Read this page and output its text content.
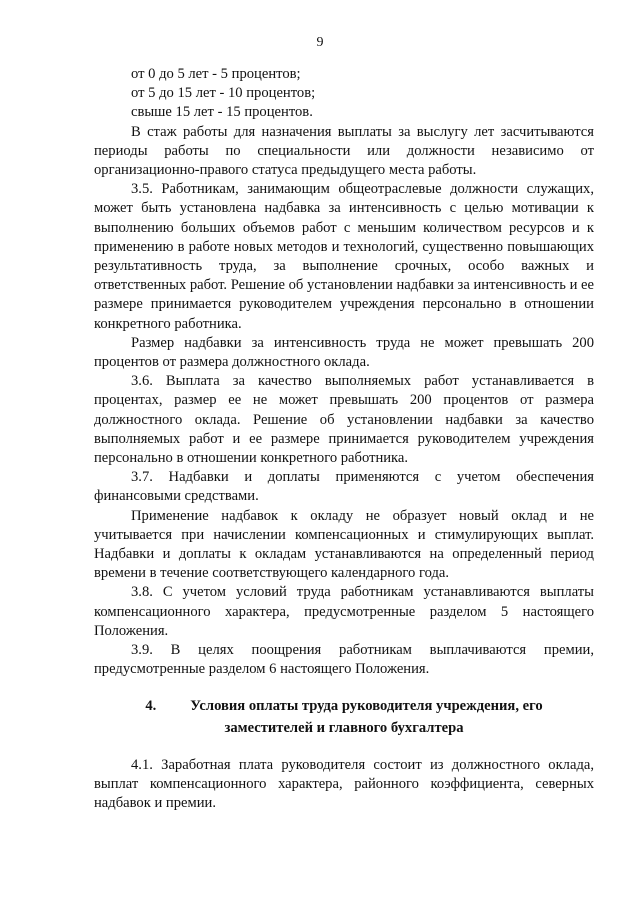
9
от 0 до 5 лет - 5 процентов;
от 5 до 15 лет - 10 процентов;
свыше 15 лет - 15 процентов.

В стаж работы для назначения выплаты за выслугу лет засчитываются периоды работы по специальности или должности независимо от организационно-правого статуса предыдущего места работы.

3.5. Работникам, занимающим общеотраслевые должности служащих, может быть установлена надбавка за интенсивность с целью мотивации к выполнению больших объемов работ с меньшим количеством ресурсов и к применению в работе новых методов и технологий, существенно повышающих результативность труда, за выполнение срочных, особо важных и ответственных работ. Решение об установлении надбавки за интенсивность и ее размере принимается руководителем учреждения персонально в отношении конкретного работника.

Размер надбавки за интенсивность труда не может превышать 200 процентов от размера должностного оклада.

3.6. Выплата за качество выполняемых работ устанавливается в процентах, размер ее не может превышать 200 процентов от размера должностного оклада. Решение об установлении надбавки за качество выполняемых работ и ее размере принимается руководителем учреждения персонально в отношении конкретного работника.

3.7. Надбавки и доплаты применяются с учетом обеспечения финансовыми средствами.

Применение надбавок к окладу не образует новый оклад и не учитывается при начислении компенсационных и стимулирующих выплат. Надбавки и доплаты к окладам устанавливаются на определенный период времени в течение соответствующего календарного года.

3.8. С учетом условий труда работникам устанавливаются выплаты компенсационного характера, предусмотренные разделом 5 настоящего Положения.

3.9. В целях поощрения работникам выплачиваются премии, предусмотренные разделом 6 настоящего Положения.

4. Условия оплаты труда руководителя учреждения, его
заместителей и главного бухгалтера

4.1. Заработная плата руководителя состоит из должностного оклада, выплат компенсационного характера, районного коэффициента, северных надбавок и премии.
